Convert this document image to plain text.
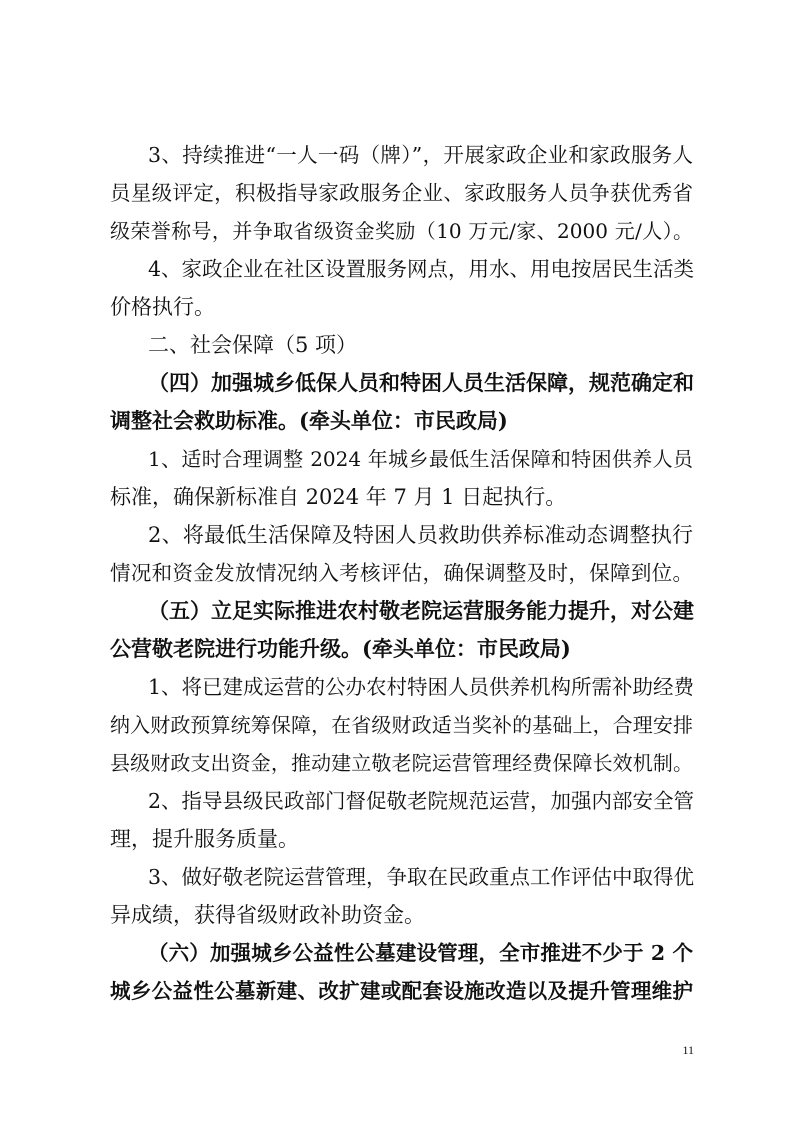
3、持续推进“一人一码（牌）”，开展家政企业和家政服务人
员星级评定，积极指导家政服务企业、家政服务人员争获优秀省
级荣誉称号，并争取省级资金奖励（10 万元/家、2000 元/人）。
4、家政企业在社区设置服务网点，用水、用电按居民生活类
价格执行。
二、社会保障（5 项）
（四）加强城乡低保人员和特困人员生活保障，规范确定和
调整社会救助标准。(牵头单位：市民政局)
1、适时合理调整 2024 年城乡最低生活保障和特困供养人员
标准，确保新标准自 2024 年 7 月 1 日起执行。
2、将最低生活保障及特困人员救助供养标准动态调整执行
情况和资金发放情况纳入考核评估，确保调整及时，保障到位。
（五）立足实际推进农村敬老院运营服务能力提升，对公建
公营敬老院进行功能升级。(牵头单位：市民政局)
1、将已建成运营的公办农村特困人员供养机构所需补助经费
纳入财政预算统筹保障，在省级财政适当奖补的基础上，合理安排
县级财政支出资金，推动建立敬老院运营管理经费保障长效机制。
2、指导县级民政部门督促敬老院规范运营，加强内部安全管
理，提升服务质量。
3、做好敬老院运营管理，争取在民政重点工作评估中取得优
异成绩，获得省级财政补助资金。
（六）加强城乡公益性公墓建设管理，全市推进不少于 2 个
城乡公益性公墓新建、改扩建或配套设施改造以及提升管理维护
11
